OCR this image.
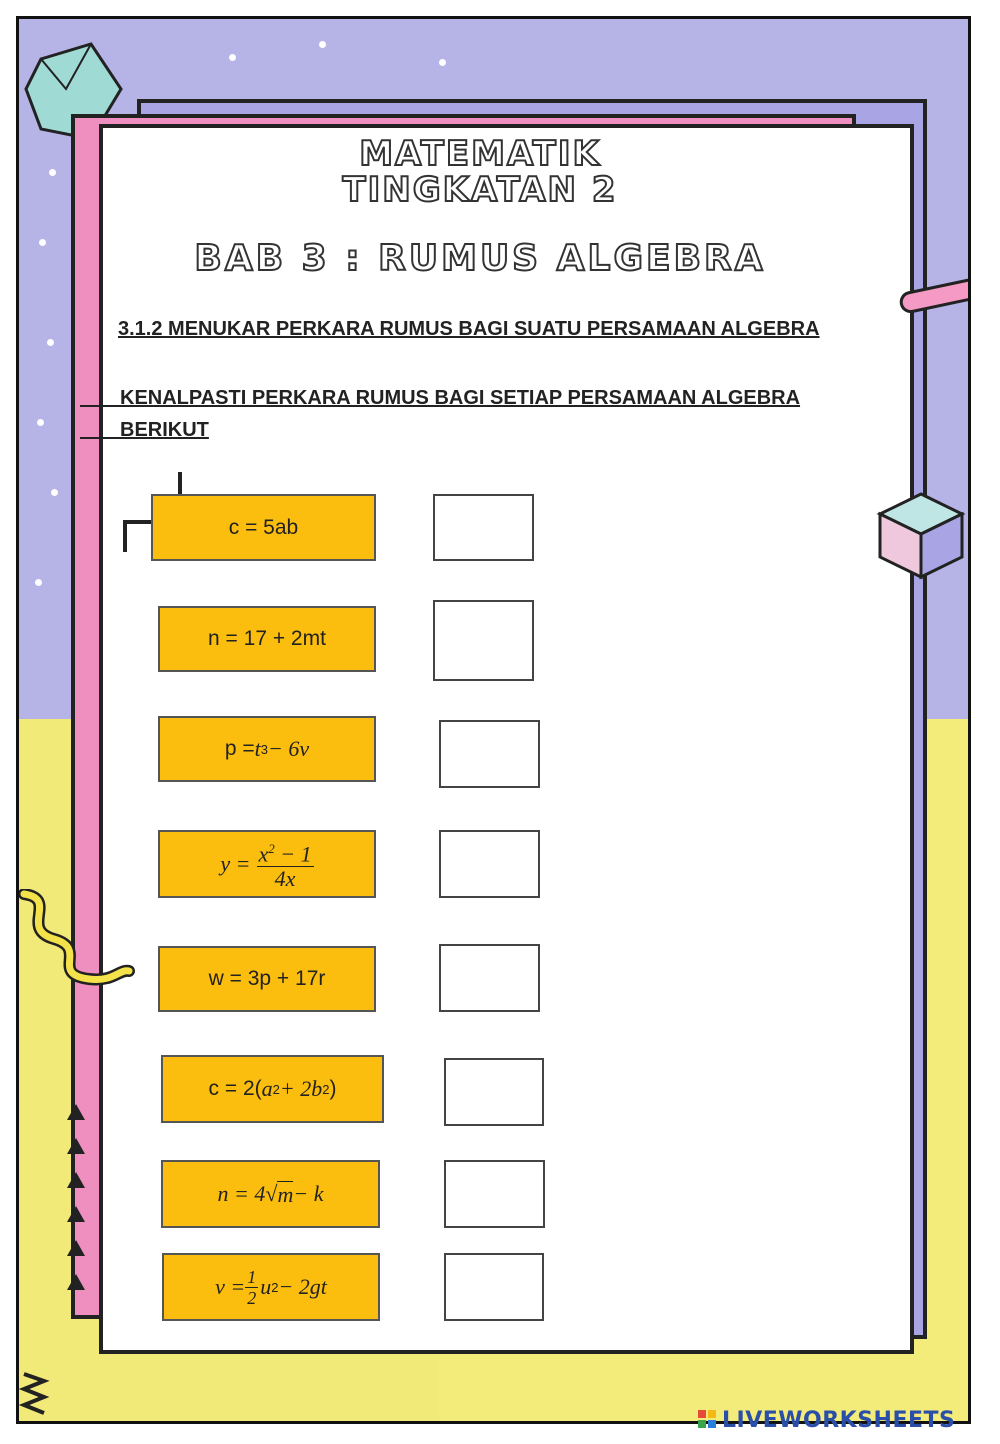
MATEMATIK
TINGKATAN 2
BAB 3 : RUMUS ALGEBRA
3.1.2 MENUKAR PERKARA RUMUS BAGI SUATU PERSAMAAN ALGEBRA
KENALPASTI PERKARA RUMUS BAGI SETIAP PERSAMAAN ALGEBRA BERIKUT
c = 5ab
n = 17 + 2mt
p = t 3 − 6v
$y = \frac{x^2 - 1}{4x}$
w = 3p + 17r
c = 2( a 2 + 2 b 2 )
n = 4 √ m − k
$v = \frac{1}{2}$ u 2 − 2gt
LIVEWORKSHEETS
